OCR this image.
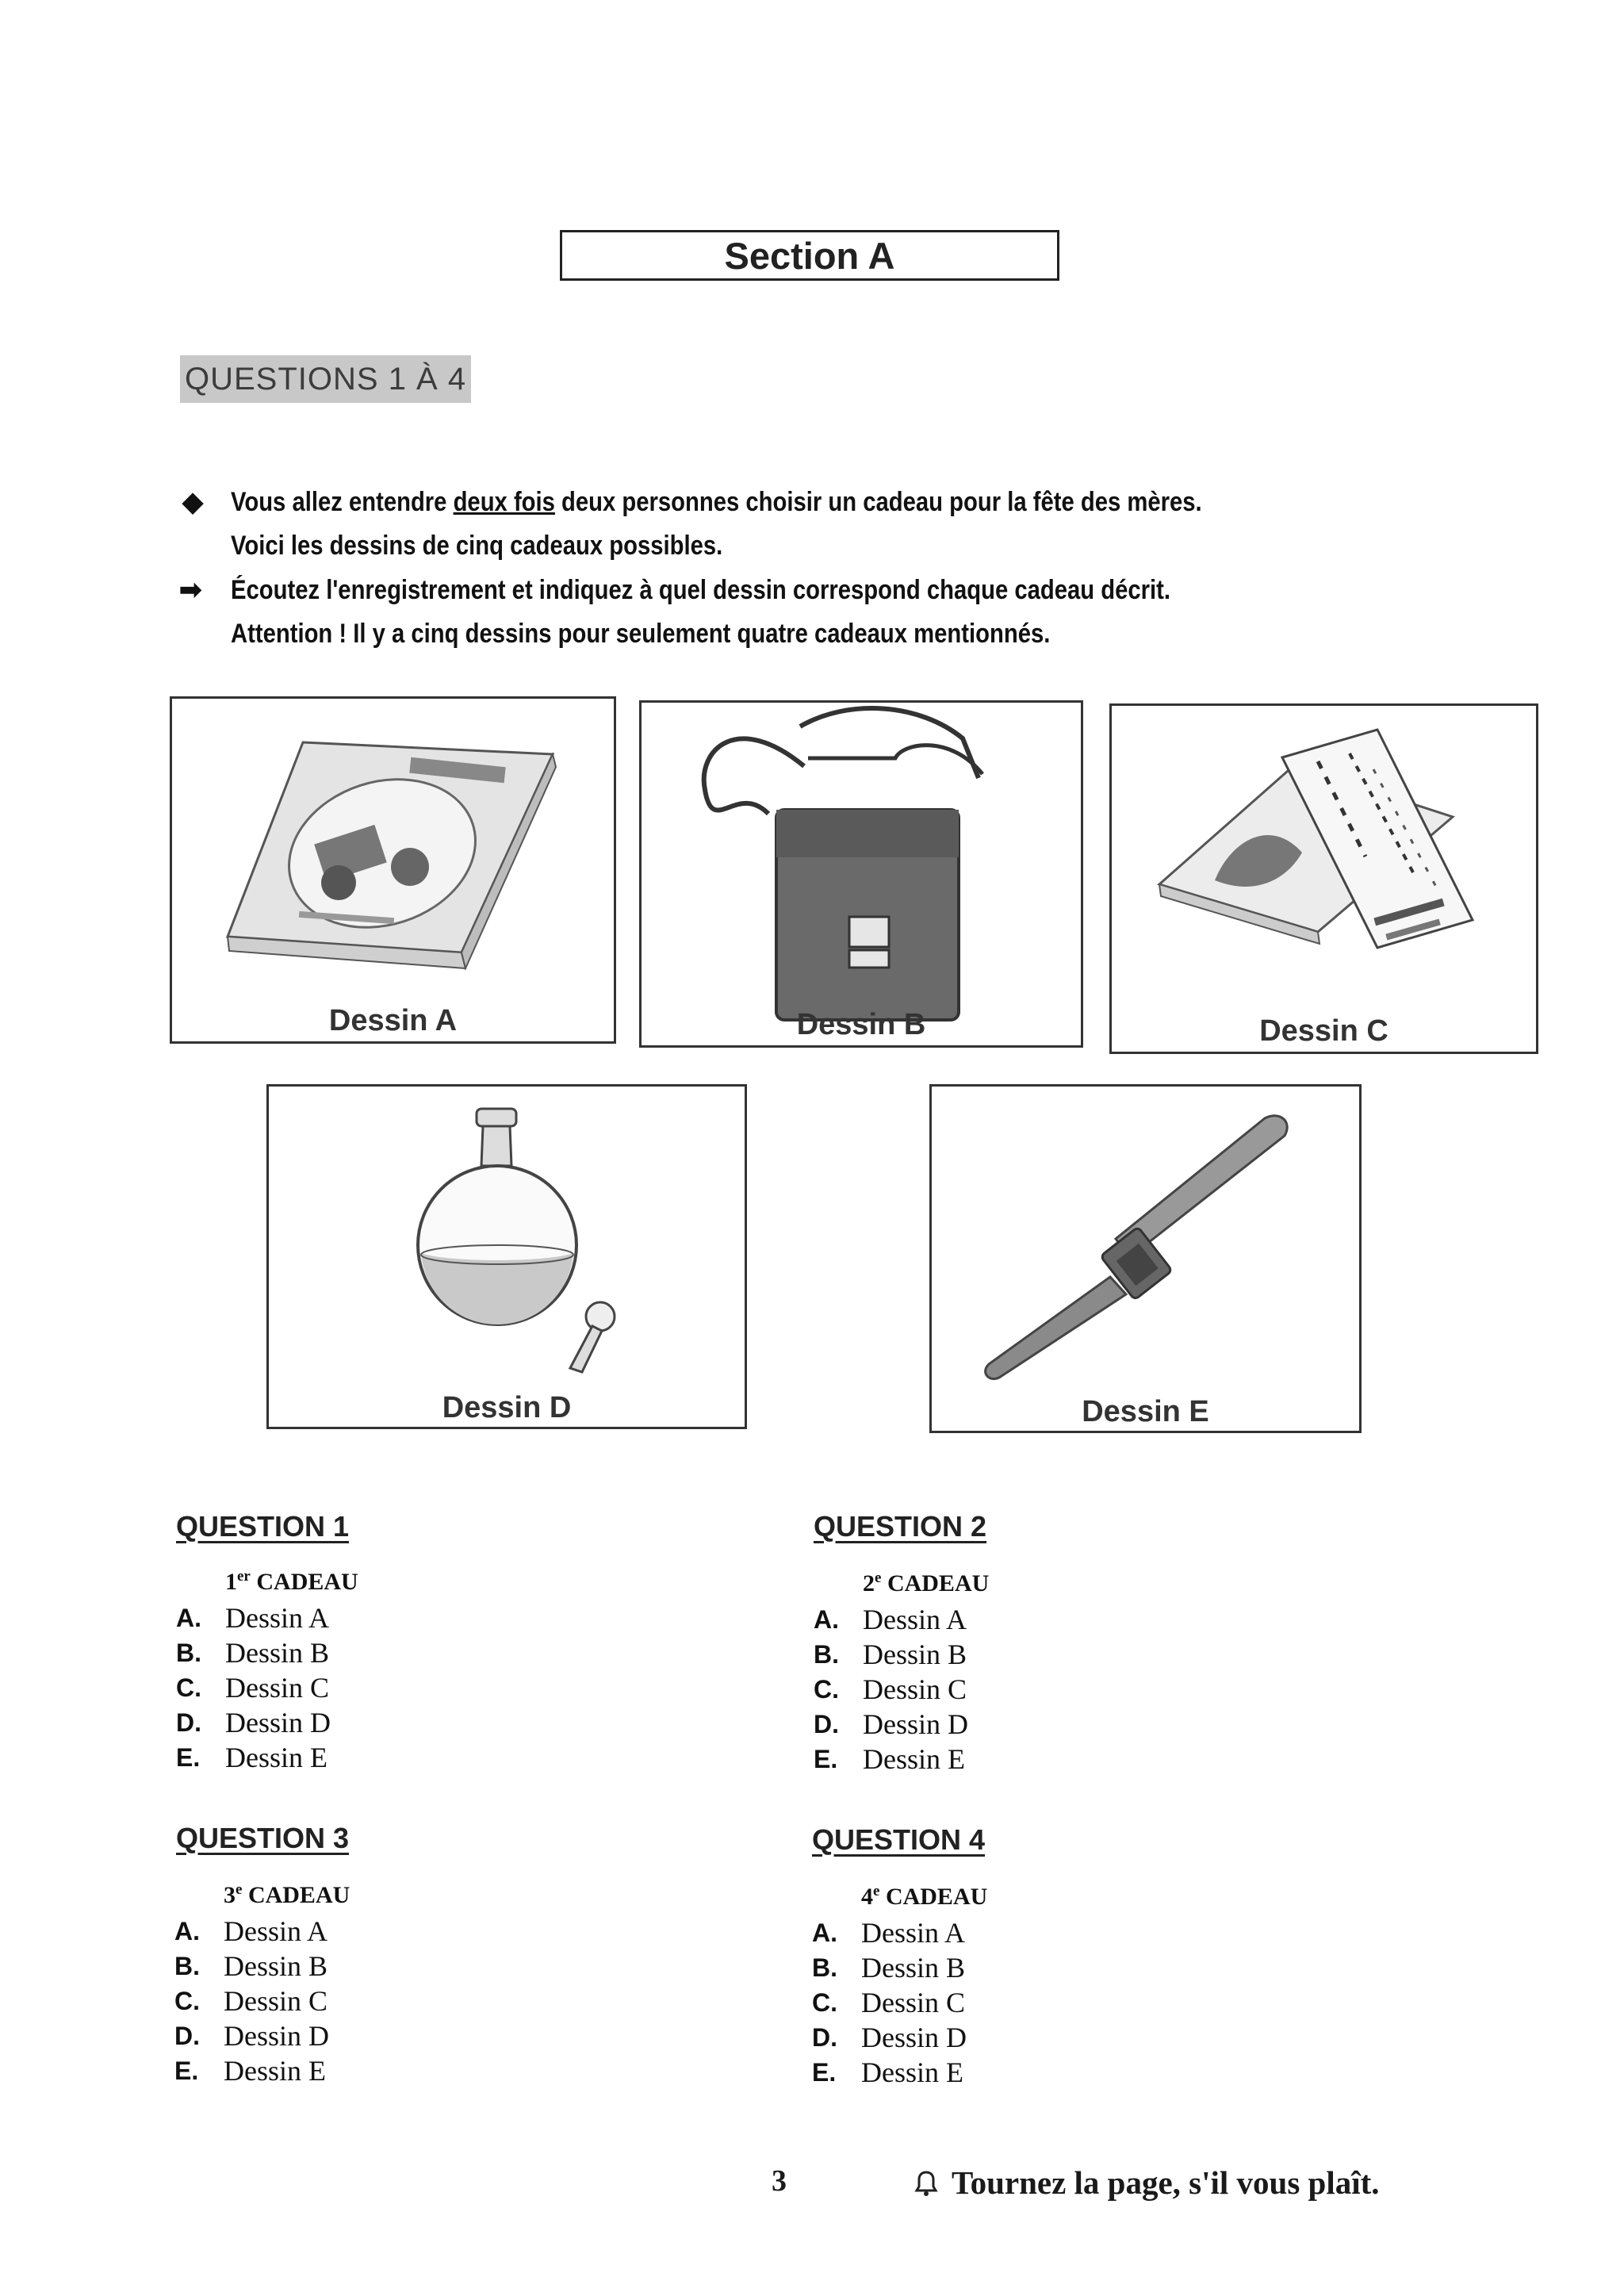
Section A
QUESTIONS 1 À 4
◆ Vous allez entendre deux fois deux personnes choisir un cadeau pour la fête des mères.
Voici les dessins de cinq cadeaux possibles.
➡ Écoutez l'enregistrement et indiquez à quel dessin correspond chaque cadeau décrit.
Attention ! Il y a cinq dessins pour seulement quatre cadeaux mentionnés.
Dessin A	Dessin B	Dessin C
Dessin D	Dessin E
QUESTION 1
1er CADEAU
A. Dessin A
B. Dessin B
C. Dessin C
D. Dessin D
E. Dessin E
QUESTION 2
2e CADEAU
A. Dessin A
B. Dessin B
C. Dessin C
D. Dessin D
E. Dessin E
QUESTION 3
3e CADEAU
A. Dessin A
B. Dessin B
C. Dessin C
D. Dessin D
E. Dessin E
QUESTION 4
4e CADEAU
A. Dessin A
B. Dessin B
C. Dessin C
D. Dessin D
E. Dessin E
3	Tournez la page, s'il vous plaît.
